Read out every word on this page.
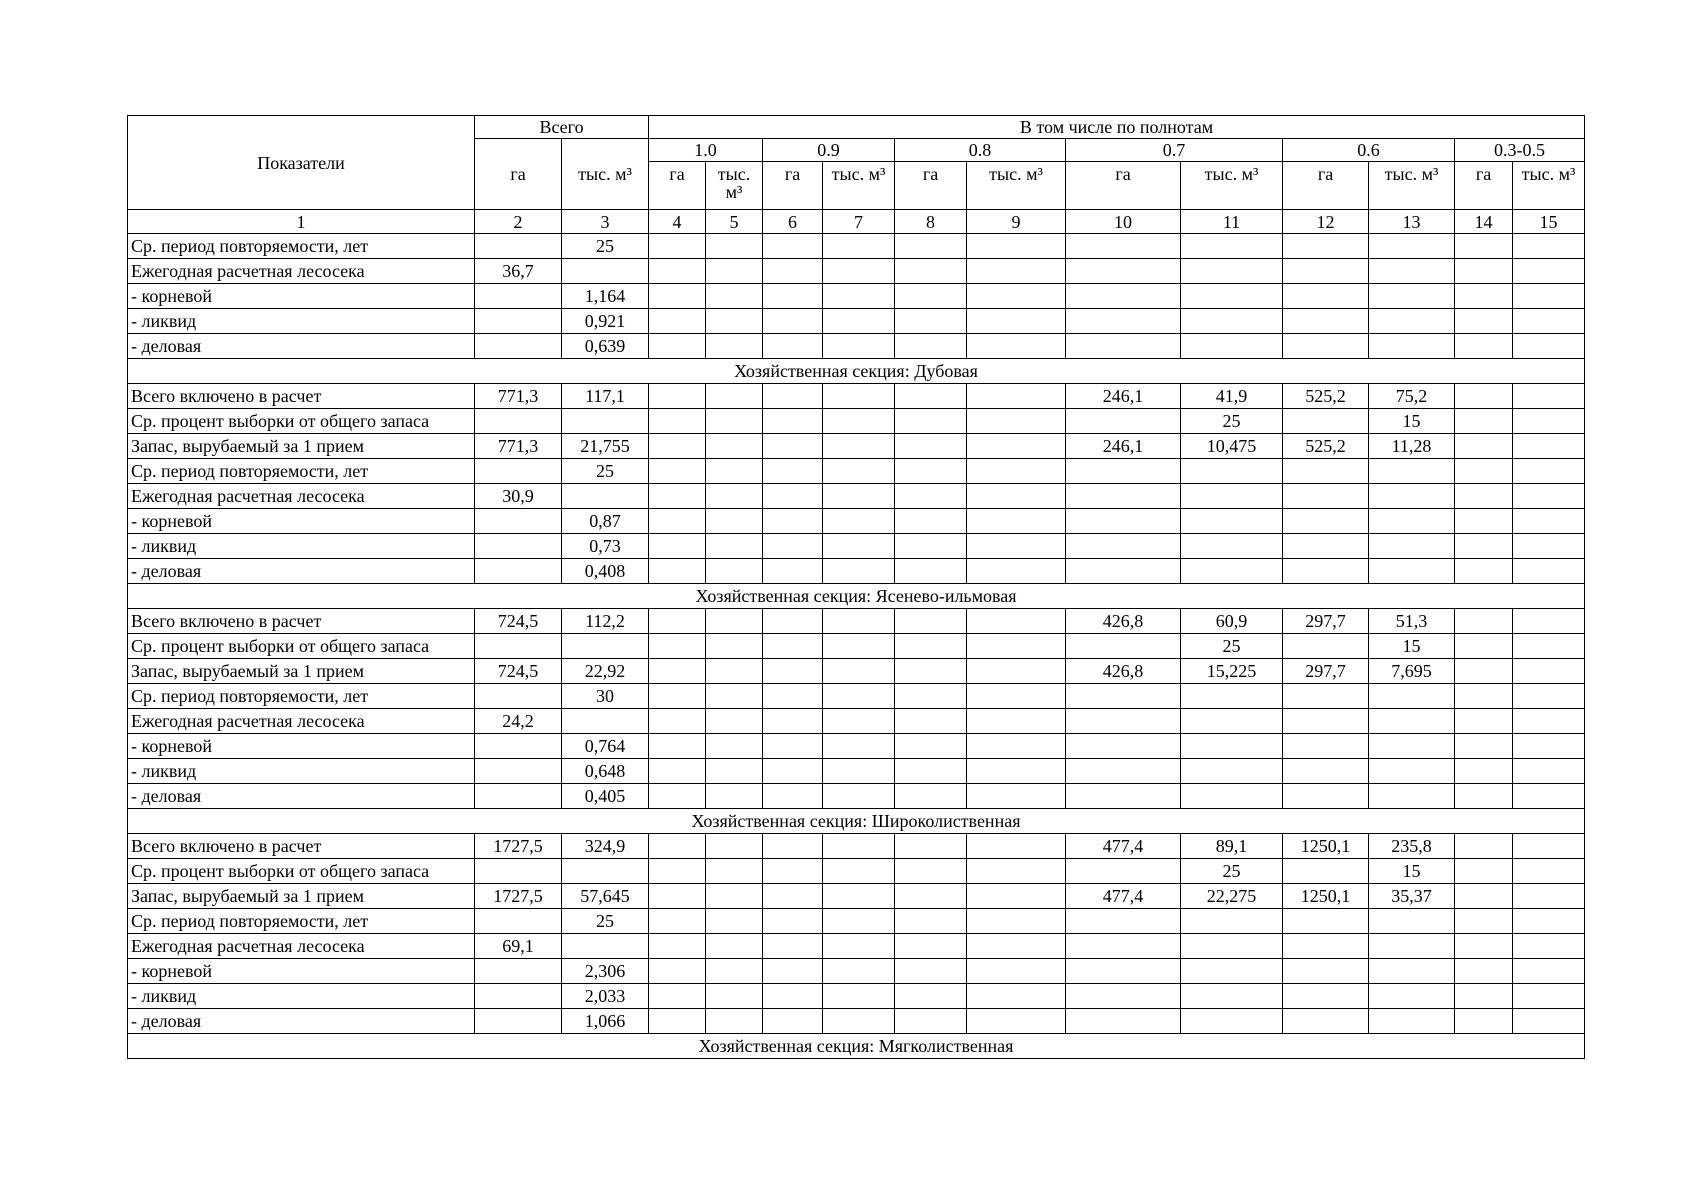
Показатели	Всего		В том числе по полнотам											
	га	тыс. м³	1.0		0.9		0.8		0.7		0.6		0.3-0.5	
			га	тыс. м³	га	тыс. м³	га	тыс. м³	га	тыс. м³	га	тыс. м³	га	тыс. м³
1	2	3	4	5	6	7	8	9	10	11	12	13	14	15
Ср. период повторяемости, лет		25												
Ежегодная расчетная лесосека	36,7													
- корневой		1,164												
- ликвид		0,921												
- деловая		0,639												
Хозяйственная секция: Дубовая														
Всего включено в расчет	771,3	117,1							246,1	41,9	525,2	75,2		
Ср. процент выборки от общего запаса										25		15		
Запас, вырубаемый за 1 прием	771,3	21,755							246,1	10,475	525,2	11,28		
Ср. период повторяемости, лет		25												
Ежегодная расчетная лесосека	30,9													
- корневой		0,87												
- ликвид		0,73												
- деловая		0,408												
Хозяйственная секция: Ясенево-ильмовая														
Всего включено в расчет	724,5	112,2							426,8	60,9	297,7	51,3		
Ср. процент выборки от общего запаса										25		15		
Запас, вырубаемый за 1 прием	724,5	22,92							426,8	15,225	297,7	7,695		
Ср. период повторяемости, лет		30												
Ежегодная расчетная лесосека	24,2													
- корневой		0,764												
- ликвид		0,648												
- деловая		0,405												
Хозяйственная секция: Широколиственная														
Всего включено в расчет	1727,5	324,9							477,4	89,1	1250,1	235,8		
Ср. процент выборки от общего запаса										25		15		
Запас, вырубаемый за 1 прием	1727,5	57,645							477,4	22,275	1250,1	35,37		
Ср. период повторяемости, лет		25												
Ежегодная расчетная лесосека	69,1													
- корневой		2,306												
- ликвид		2,033												
- деловая		1,066												
Хозяйственная секция: Мягколиственная														
